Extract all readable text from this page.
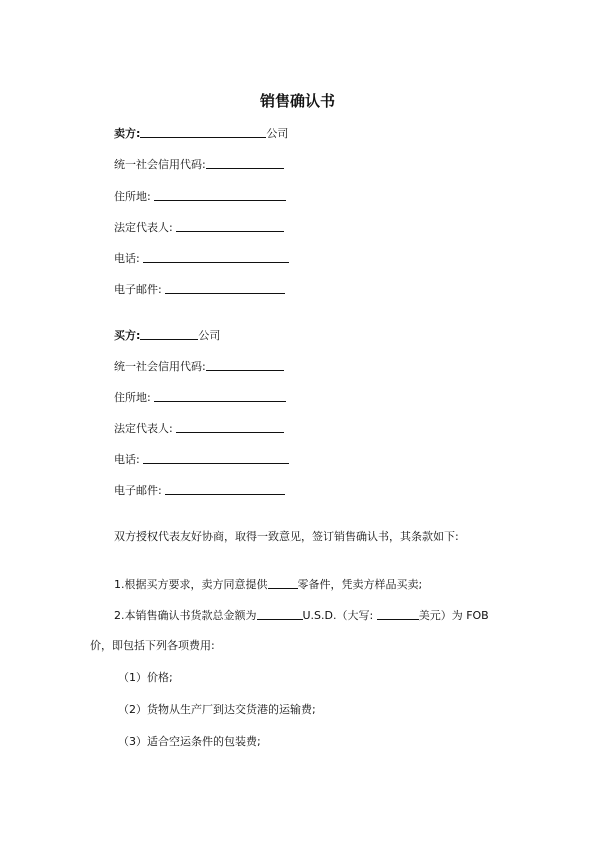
销售确认书
卖方:	公司
统一社会信用代码:
住所地:
法定代表人:
电话:
电子邮件:
买方:	公司
统一社会信用代码:
住所地:
法定代表人:
电话:
电子邮件:
双方授权代表友好协商，取得一致意见，签订销售确认书，其条款如下:
1.根据买方要求，卖方同意提供	零备件，凭卖方样品买卖;
2.本销售确认书货款总金额为	U.S.D.（大写:	美元）为 FOB
价，即包括下列各项费用:
（1）价格;
（2）货物从生产厂到达交货港的运输费;
（3）适合空运条件的包装费;
